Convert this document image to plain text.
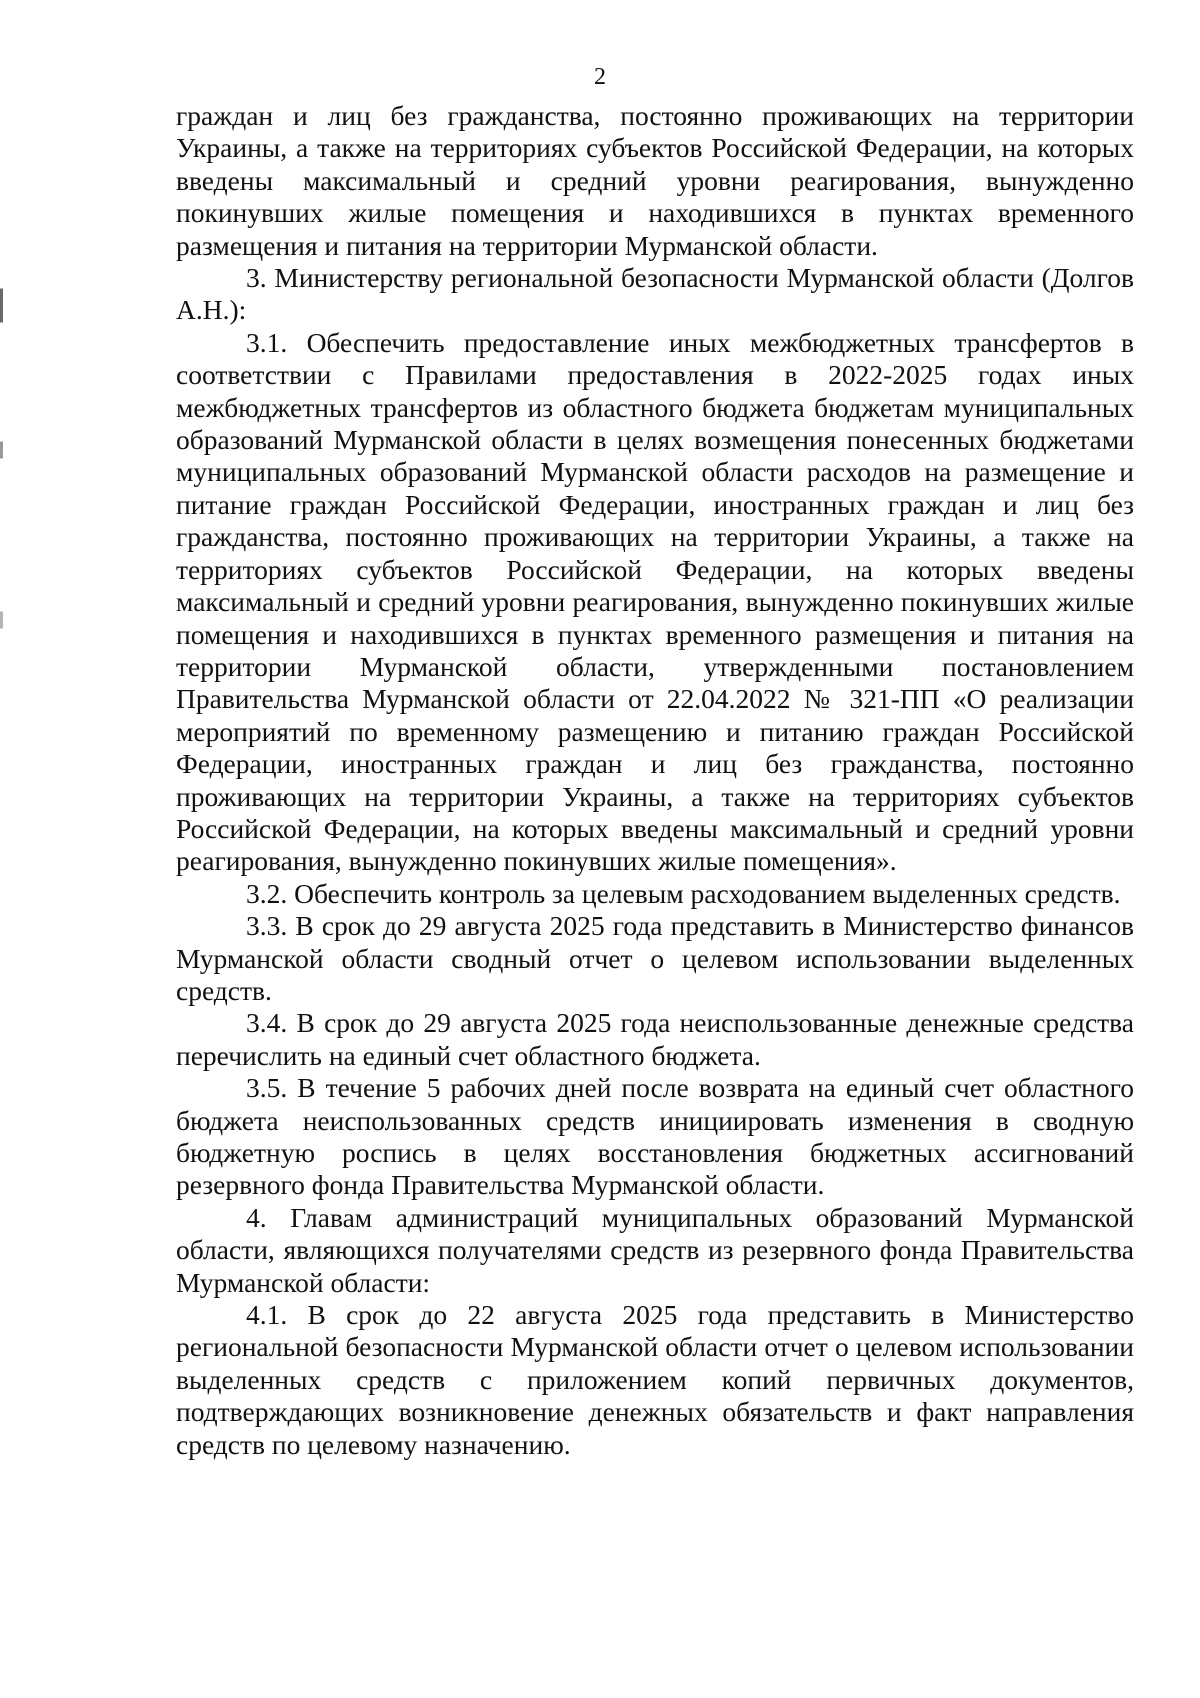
2

граждан и лиц без гражданства, постоянно проживающих на территории Украины, а также на территориях субъектов Российской Федерации, на которых введены максимальный и средний уровни реагирования, вынужденно покинувших жилые помещения и находившихся в пунктах временного размещения и питания на территории Мурманской области.

3. Министерству региональной безопасности Мурманской области (Долгов А.Н.):

3.1. Обеспечить предоставление иных межбюджетных трансфертов в соответствии с Правилами предоставления в 2022-2025 годах иных межбюджетных трансфертов из областного бюджета бюджетам муниципальных образований Мурманской области в целях возмещения понесенных бюджетами муниципальных образований Мурманской области расходов на размещение и питание граждан Российской Федерации, иностранных граждан и лиц без гражданства, постоянно проживающих на территории Украины, а также на территориях субъектов Российской Федерации, на которых введены максимальный и средний уровни реагирования, вынужденно покинувших жилые помещения и находившихся в пунктах временного размещения и питания на территории Мурманской области, утвержденными постановлением Правительства Мурманской области от 22.04.2022 № 321-ПП «О реализации мероприятий по временному размещению и питанию граждан Российской Федерации, иностранных граждан и лиц без гражданства, постоянно проживающих на территории Украины, а также на территориях субъектов Российской Федерации, на которых введены максимальный и средний уровни реагирования, вынужденно покинувших жилые помещения».

3.2. Обеспечить контроль за целевым расходованием выделенных средств.

3.3. В срок до 29 августа 2025 года представить в Министерство финансов Мурманской области сводный отчет о целевом использовании выделенных средств.

3.4. В срок до 29 августа 2025 года неиспользованные денежные средства перечислить на единый счет областного бюджета.

3.5. В течение 5 рабочих дней после возврата на единый счет областного бюджета неиспользованных средств инициировать изменения в сводную бюджетную роспись в целях восстановления бюджетных ассигнований резервного фонда Правительства Мурманской области.

4. Главам администраций муниципальных образований Мурманской области, являющихся получателями средств из резервного фонда Правительства Мурманской области:

4.1. В срок до 22 августа 2025 года представить в Министерство региональной безопасности Мурманской области отчет о целевом использовании выделенных средств с приложением копий первичных документов, подтверждающих возникновение денежных обязательств и факт направления средств по целевому назначению.
